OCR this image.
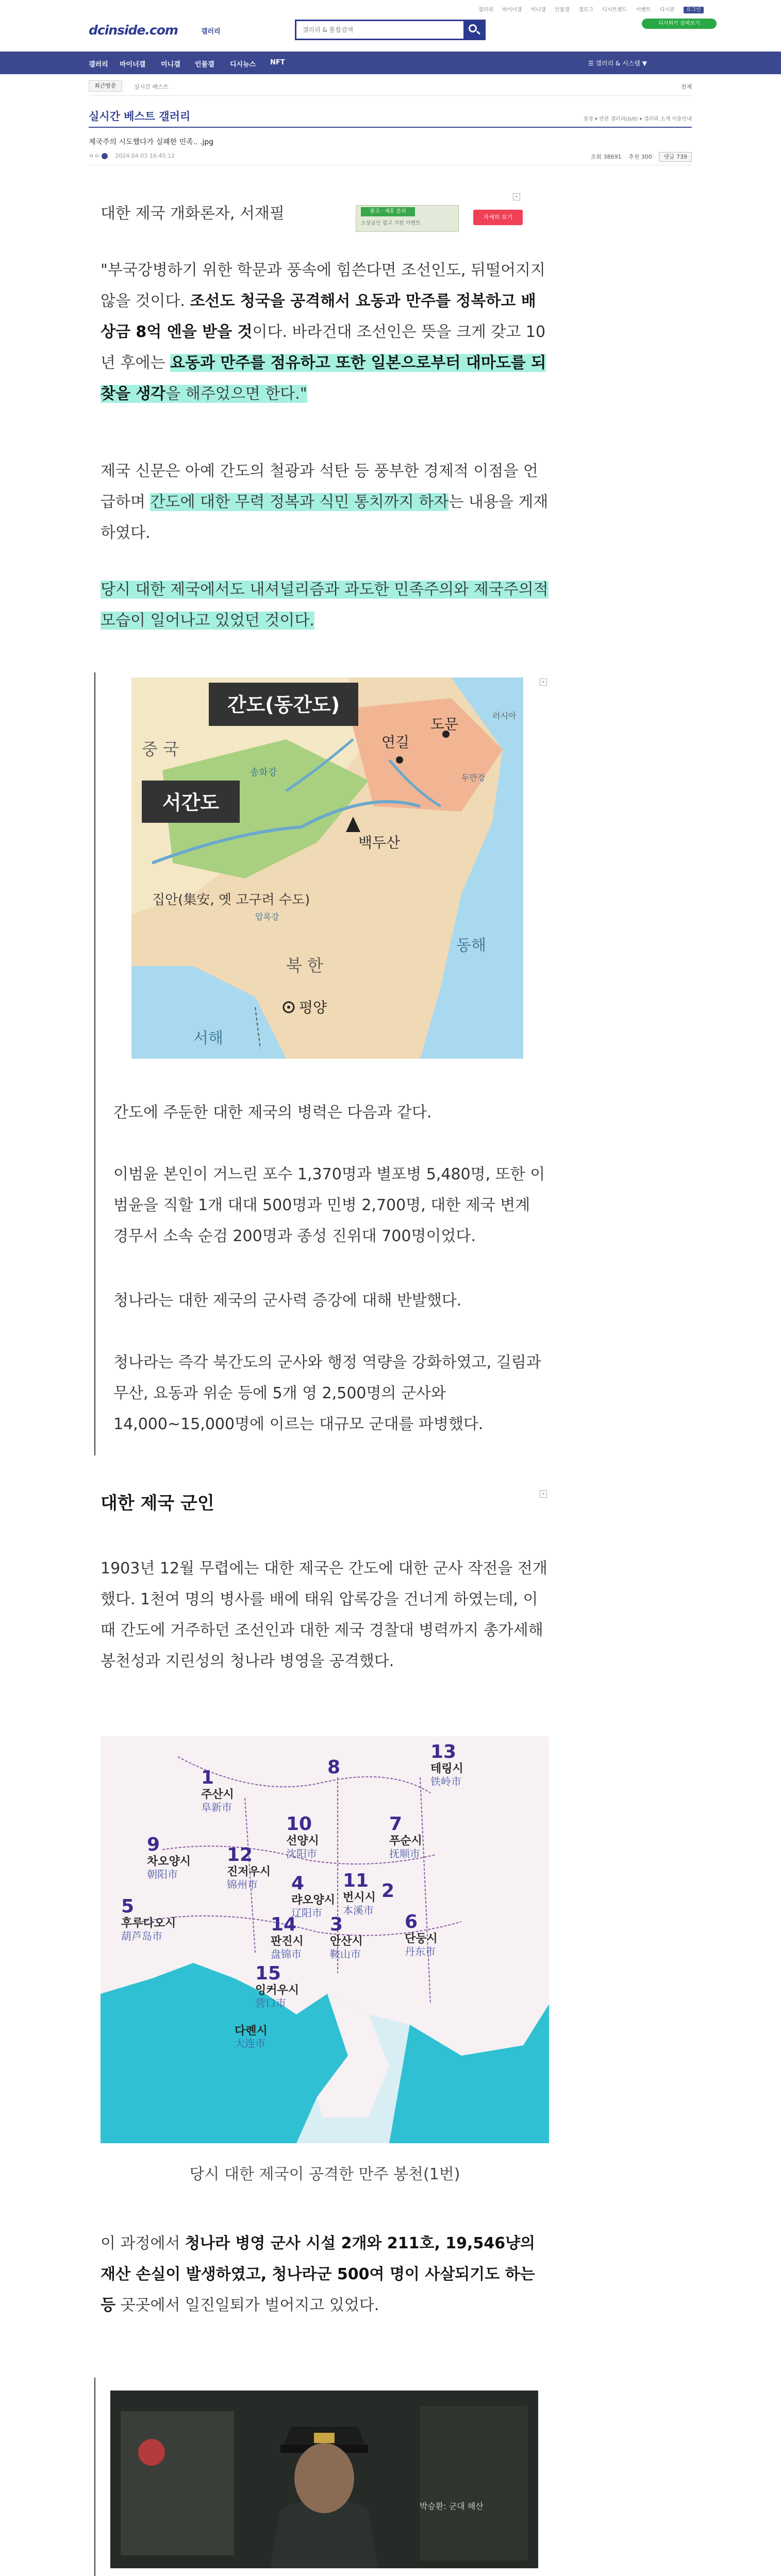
갤러리 마이너갤 미니갤 인물갤 갤로그 디시트렌드 이벤트 디시콘 로그인
디시위키 살펴보기
dcinside.com	갤러리
갤러리 & 통합검색
갤러리 마이너갤 미니갤 인물갤 디시뉴스 NFT	☰ 갤러리 & 시스템 ▼
최근방문	실시간 베스트	전체
실시간 베스트 갤러리	설정 ▾ 연관 갤러리(0/0) ▾ 갤러리 소개 이용안내
제국주의 시도했다가 실패한 민족.. .jpg
ㅇㅇ	2024.04.03 16:45:12	조회 38691 추천 300 댓글 739
광고 · 제휴 문의
소상공인 광고 지원 이벤트
자세히 보기
+
대한 제국 개화론자, 서재필
"부국강병하기 위한 학문과 풍속에 힘쓴다면 조선인도, 뒤떨어지지 않을 것이다. 조선도 청국을 공격해서 요동과 만주를 정복하고 배상금 8억 엔을 받을 것이다. 바라건대 조선인은 뜻을 크게 갖고 10년 후에는 요동과 만주를 점유하고 또한 일본으로부터 대마도를 되찾을 생각을 해주었으면 한다."
제국 신문은 아예 간도의 철광과 석탄 등 풍부한 경제적 이점을 언급하며 간도에 대한 무력 정복과 식민 통치까지 하자는 내용을 게재하였다.
당시 대한 제국에서도 내셔널리즘과 과도한 민족주의와 제국주의적 모습이 일어나고 있었던 것이다.
+
간도(동간도)
서간도
중 국
러시아
송화강
연길
도문
두만강
백두산
집안(集安, 옛 고구려 수도)
압록강
북 한
평양
동해
서해
간도에 주둔한 대한 제국의 병력은 다음과 같다.
이범윤 본인이 거느린 포수 1,370명과 별포병 5,480명, 또한 이범윤을 직할 1개 대대 500명과 민병 2,700명, 대한 제국 변계 경무서 소속 순검 200명과 종성 진위대 700명이었다.
청나라는 대한 제국의 군사력 증강에 대해 반발했다.
청나라는 즉각 북간도의 군사와 행정 역량을 강화하였고, 길림과 무산, 요동과 위순 등에 5개 영 2,500명의 군사와 14,000~15,000명에 이르는 대규모 군대를 파병했다.
+
대한 제국 군인
1903년 12월 무렵에는 대한 제국은 간도에 대한 군사 작전을 전개했다. 1천여 명의 병사를 배에 태워 압록강을 건너게 하였는데, 이때 간도에 거주하던 조선인과 대한 제국 경찰대 병력까지 총가세해 봉천성과 지린성의 청나라 병영을 공격했다.
1
주산시
阜新市
8
13
테링시
铁岭市
9
차오양시
朝阳市
10
선양시
沈阳市
7
푸순시
抚顺市
12
진저우시
锦州市	2
4
랴오양시
辽阳市
11
번시시
本溪市
5
후루다오시
葫芦岛市
3
안산시
鞍山市
14
판진시
盘锦市
6
단둥시
丹东市
15
잉커우시
营口市
다롄시
大连市
당시 대한 제국이 공격한 만주 봉천(1번)
이 과정에서 청나라 병영 군사 시설 2개와 211호, 19,546냥의 재산 손실이 발생하였고, 청나라군 500여 명이 사살되기도 하는 등 곳곳에서 일진일퇴가 벌어지고 있었다.
박승환: 군대 해산
